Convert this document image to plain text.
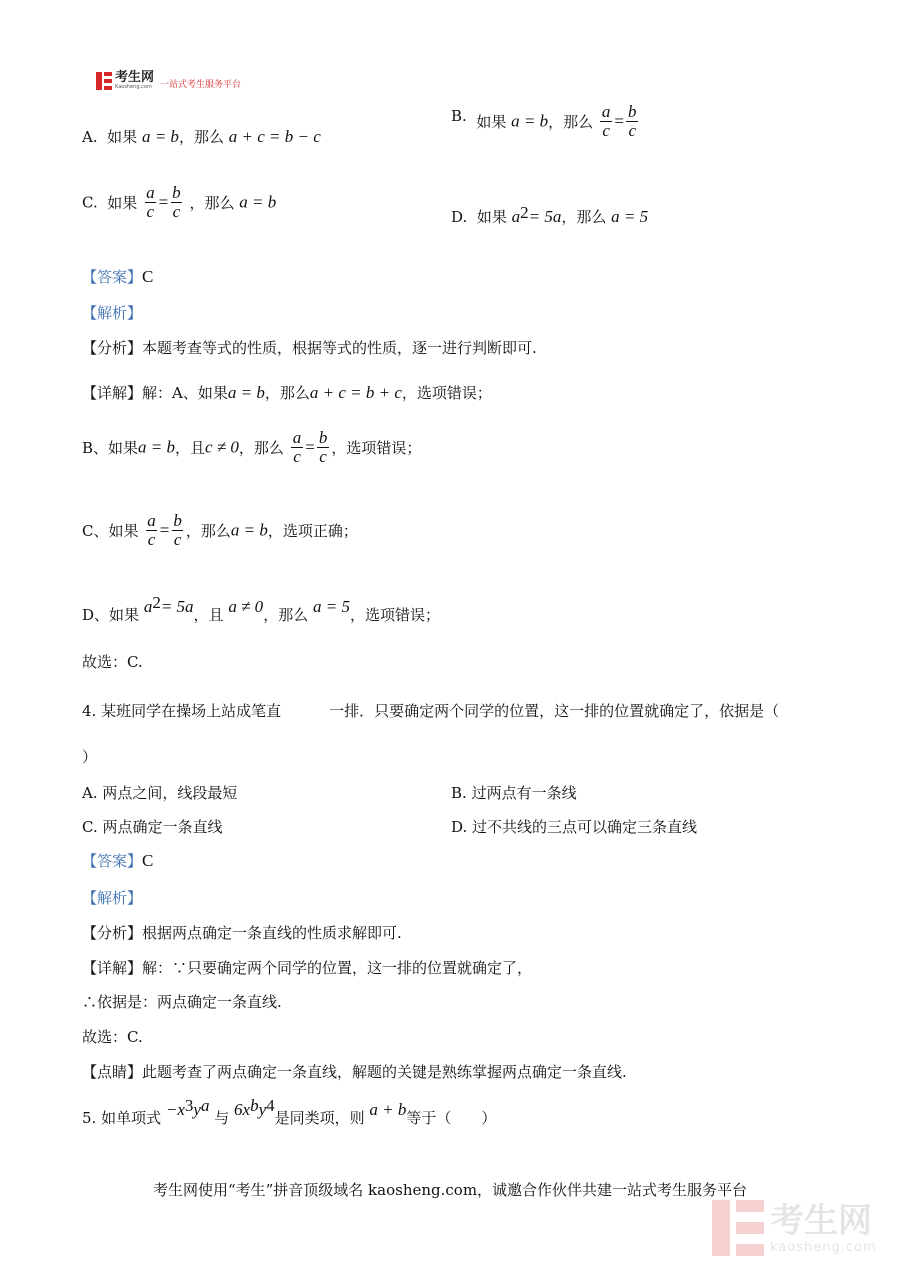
考生网
Kaosheng.com 一站式考生服务平台
A. 如果 a = b，那么 a + c = b − c
B. 如果 a = b，那么 $\frac{a}{c} = \frac{b}{c}$
C. 如果 $\frac{a}{c} = \frac{b}{c}$ ，那么 a = b
D. 如果 $a^2= 5a$，那么 a = 5
【答案】C
【解析】
【分析】本题考查等式的性质，根据等式的性质，逐一进行判断即可.
【详解】解：A、如果a = b，那么a + c = b + c，选项错误；
B、如果a = b，且c ≠ 0，那么 $\frac{a}{c} = \frac{b}{c}$ ，选项错误；
C、如果 $\frac{a}{c} = \frac{b}{c}$ ，那么a = b，选项正确；
D、如果 $a^2= 5a$，且 a ≠ 0，那么 a = 5，选项错误；
故选：C.
4. 某班同学在操场上站成笔直	一排．只要确定两个同学的位置，这一排的位置就确定了，依据是（
）
A. 两点之间，线段最短	B. 过两点有一条线
C. 两点确定一条直线	D. 过不共线的三点可以确定三条直线
【答案】C
【解析】
【分析】根据两点确定一条直线的性质求解即可.
【详解】解：∵只要确定两个同学的位置，这一排的位置就确定了，
∴依据是：两点确定一条直线.
故选：C.
【点睛】此题考查了两点确定一条直线，解题的关键是熟练掌握两点确定一条直线.
5. 如单项式 $-x^3y^a$ 与 $6x^by^4$是同类项，则 a + b等于（　　）
考生网使用“考生”拼音顶级域名 kaosheng.com，诚邀合作伙伴共建一站式考生服务平台
考生网
kaosheng.com
